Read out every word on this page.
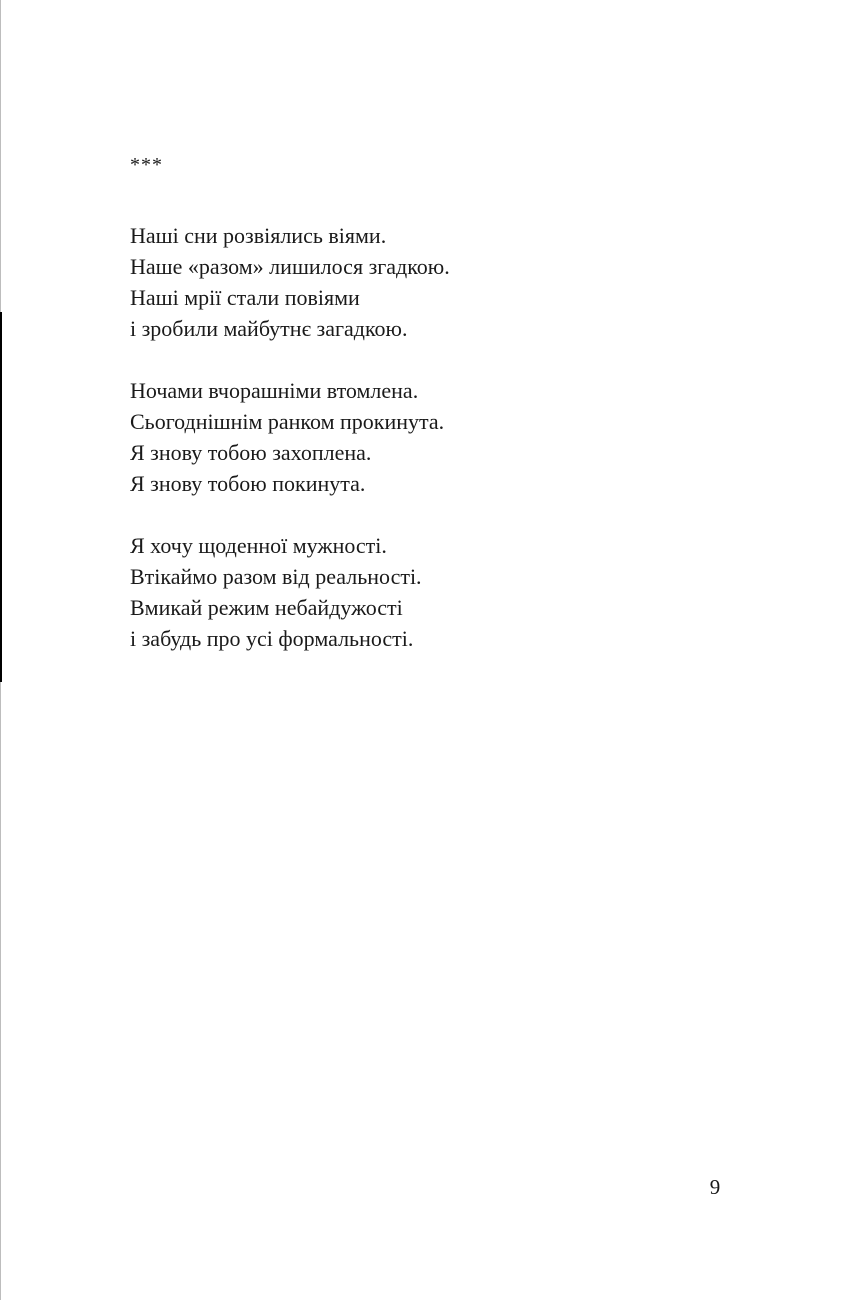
***
Наші сни розвіялись віями.
Наше «разом» лишилося згадкою.
Наші мрії стали повіями
і зробили майбутнє загадкою.
Ночами вчорашніми втомлена.
Сьогоднішнім ранком прокинута.
Я знову тобою захоплена.
Я знову тобою покинута.
Я хочу щоденної мужності.
Втікаймо разом від реальності.
Вмикай режим небайдужості
і забудь про усі формальності.
9
